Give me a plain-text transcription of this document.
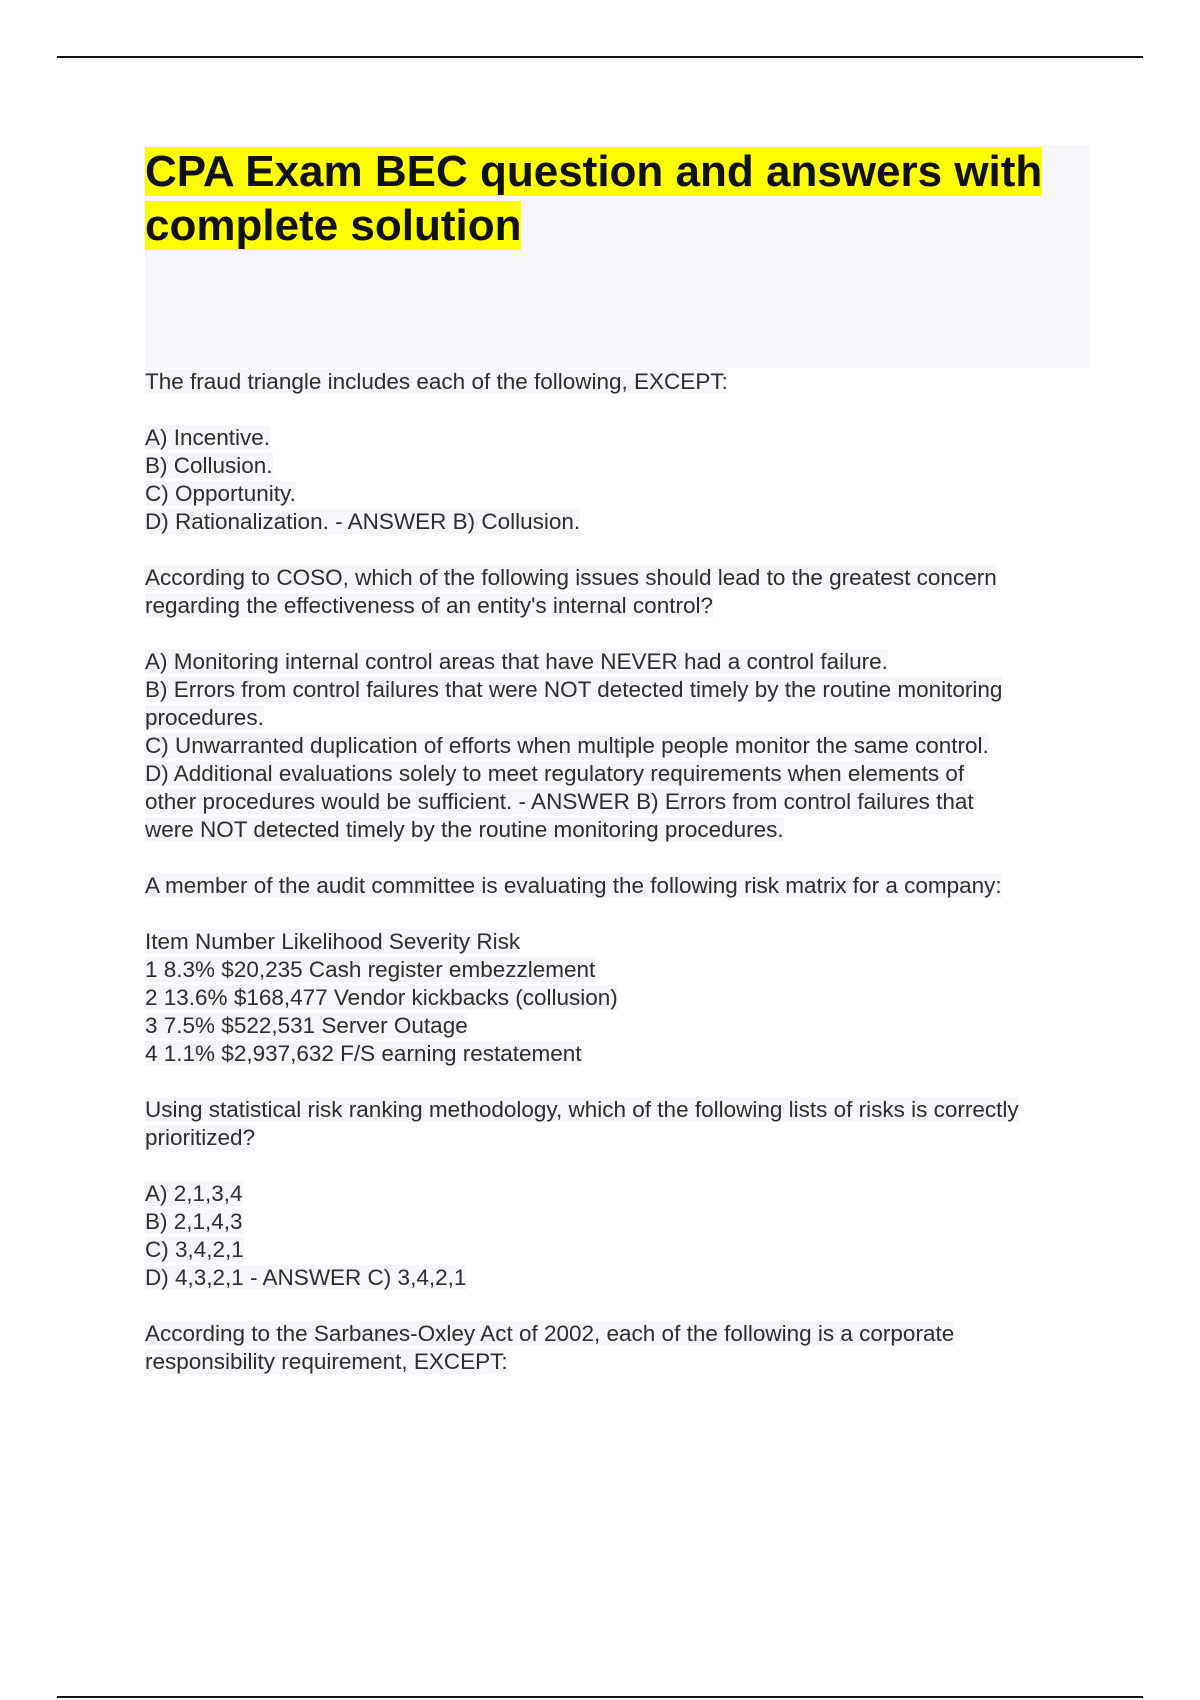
CPA Exam BEC question and answers with complete solution
The fraud triangle includes each of the following, EXCEPT:
A) Incentive.
B) Collusion.
C) Opportunity.
D) Rationalization. - ANSWER B) Collusion.
According to COSO, which of the following issues should lead to the greatest concern
regarding the effectiveness of an entity's internal control?
A) Monitoring internal control areas that have NEVER had a control failure.
B) Errors from control failures that were NOT detected timely by the routine monitoring
procedures.
C) Unwarranted duplication of efforts when multiple people monitor the same control.
D) Additional evaluations solely to meet regulatory requirements when elements of
other procedures would be sufficient. - ANSWER B) Errors from control failures that
were NOT detected timely by the routine monitoring procedures.
A member of the audit committee is evaluating the following risk matrix for a company:
Item Number Likelihood Severity Risk
1 8.3% $20,235 Cash register embezzlement
2 13.6% $168,477 Vendor kickbacks (collusion)
3 7.5% $522,531 Server Outage
4 1.1% $2,937,632 F/S earning restatement
Using statistical risk ranking methodology, which of the following lists of risks is correctly
prioritized?
A) 2,1,3,4
B) 2,1,4,3
C) 3,4,2,1
D) 4,3,2,1 - ANSWER C) 3,4,2,1
According to the Sarbanes-Oxley Act of 2002, each of the following is a corporate
responsibility requirement, EXCEPT:
